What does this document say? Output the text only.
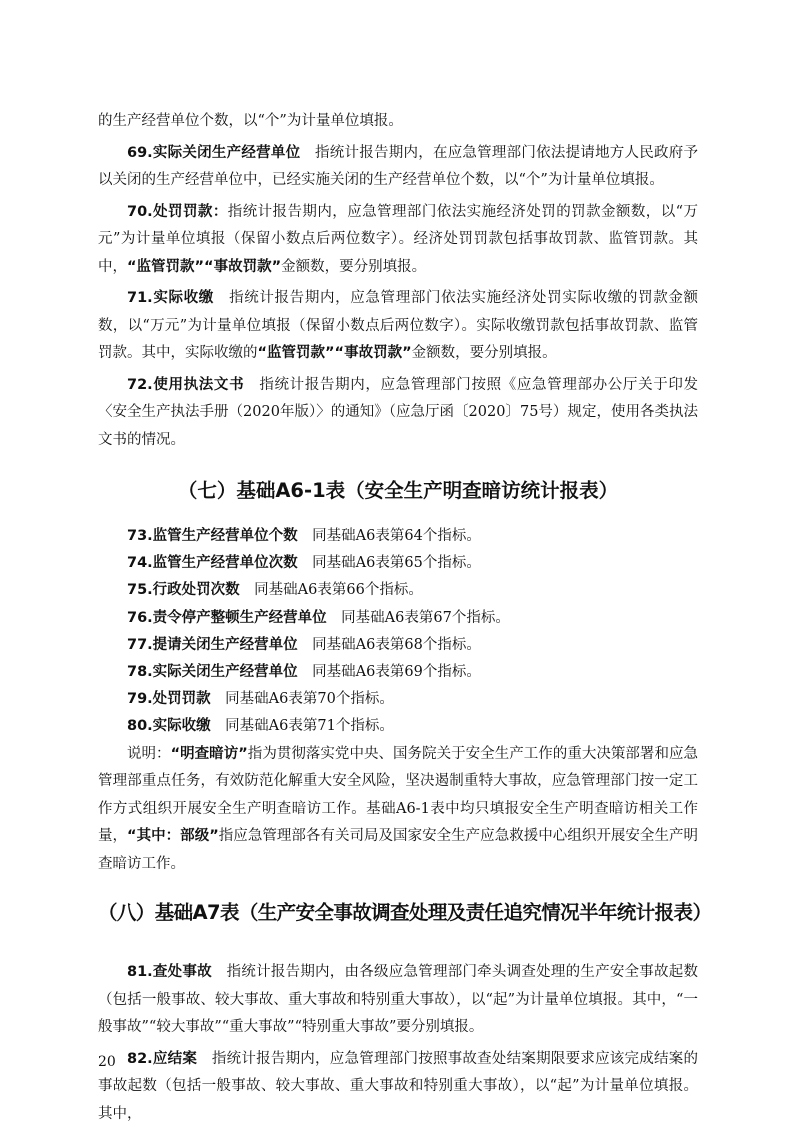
的生产经营单位个数，以“个”为计量单位填报。

69.实际关闭生产经营单位　指统计报告期内，在应急管理部门依法提请地方人民政府予以关闭的生产经营单位中，已经实施关闭的生产经营单位个数，以“个”为计量单位填报。

70.处罚罚款：指统计报告期内，应急管理部门依法实施经济处罚的罚款金额数，以“万元”为计量单位填报（保留小数点后两位数字）。经济处罚罚款包括事故罚款、监管罚款。其中，“监管罚款”“事故罚款”金额数，要分别填报。

71.实际收缴　指统计报告期内，应急管理部门依法实施经济处罚实际收缴的罚款金额数，以“万元”为计量单位填报（保留小数点后两位数字）。实际收缴罚款包括事故罚款、监管罚款。其中，实际收缴的“监管罚款”“事故罚款”金额数，要分别填报。

72.使用执法文书　指统计报告期内，应急管理部门按照《应急管理部办公厅关于印发〈安全生产执法手册（2020年版）〉的通知》（应急厅函〔2020〕75号）规定，使用各类执法文书的情况。

（七）基础A6-1表（安全生产明查暗访统计报表）

73.监管生产经营单位个数　同基础A6表第64个指标。

74.监管生产经营单位次数　同基础A6表第65个指标。

75.行政处罚次数　同基础A6表第66个指标。

76.责令停产整顿生产经营单位　同基础A6表第67个指标。

77.提请关闭生产经营单位　同基础A6表第68个指标。

78.实际关闭生产经营单位　同基础A6表第69个指标。

79.处罚罚款　同基础A6表第70个指标。

80.实际收缴　同基础A6表第71个指标。

说明：“明查暗访”指为贯彻落实党中央、国务院关于安全生产工作的重大决策部署和应急管理部重点任务，有效防范化解重大安全风险，坚决遏制重特大事故，应急管理部门按一定工作方式组织开展安全生产明查暗访工作。基础A6-1表中均只填报安全生产明查暗访相关工作量，“其中：部级”指应急管理部各有关司局及国家安全生产应急救援中心组织开展安全生产明查暗访工作。

（八）基础A7表（生产安全事故调查处理及责任追究情况半年统计报表）

81.查处事故　指统计报告期内，由各级应急管理部门牵头调查处理的生产安全事故起数（包括一般事故、较大事故、重大事故和特别重大事故），以“起”为计量单位填报。其中，“一般事故”“较大事故”“重大事故”“特别重大事故”要分别填报。

82.应结案　指统计报告期内，应急管理部门按照事故查处结案期限要求应该完成结案的事故起数（包括一般事故、较大事故、重大事故和特别重大事故），以“起”为计量单位填报。其中，

20
